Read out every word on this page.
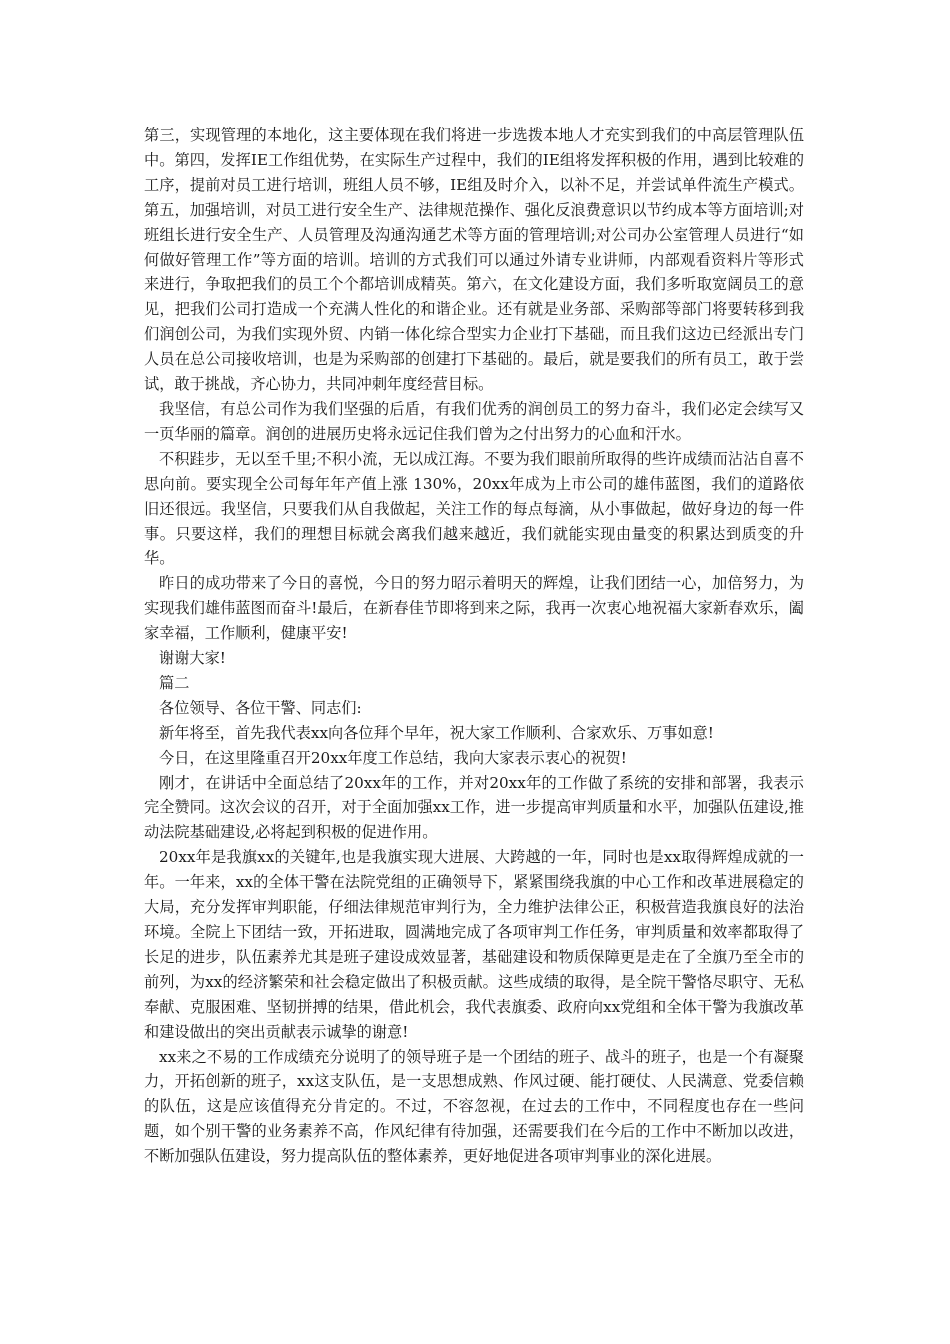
第三，实现管理的本地化，这主要体现在我们将进一步选拨本地人才充实到我们的中高层管理队伍中。第四，发挥IE工作组优势，在实际生产过程中，我们的IE组将发挥积极的作用，遇到比较难的工序，提前对员工进行培训，班组人员不够，IE组及时介入，以补不足，并尝试单件流生产模式。第五，加强培训，对员工进行安全生产、法律规范操作、强化反浪费意识以节约成本等方面培训;对班组长进行安全生产、人员管理及沟通沟通艺术等方面的管理培训;对公司办公室管理人员进行“如何做好管理工作”等方面的培训。培训的方式我们可以通过外请专业讲师，内部观看资料片等形式来进行，争取把我们的员工个个都培训成精英。第六，在文化建设方面，我们多听取宽阔员工的意见，把我们公司打造成一个充满人性化的和谐企业。还有就是业务部、采购部等部门将要转移到我们润创公司，为我们实现外贸、内销一体化综合型实力企业打下基础，而且我们这边已经派出专门人员在总公司接收培训，也是为采购部的创建打下基础的。最后，就是要我们的所有员工，敢于尝试，敢于挑战，齐心协力，共同冲刺年度经营目标。

我坚信，有总公司作为我们坚强的后盾，有我们优秀的润创员工的努力奋斗，我们必定会续写又一页华丽的篇章。润创的进展历史将永远记住我们曾为之付出努力的心血和汗水。

不积跬步，无以至千里;不积小流，无以成江海。不要为我们眼前所取得的些许成绩而沾沾自喜不思向前。要实现全公司每年年产值上涨 130%，20xx年成为上市公司的雄伟蓝图，我们的道路依旧还很远。我坚信，只要我们从自我做起，关注工作的每点每滴，从小事做起，做好身边的每一件事。只要这样，我们的理想目标就会离我们越来越近，我们就能实现由量变的积累达到质变的升华。

昨日的成功带来了今日的喜悦，今日的努力昭示着明天的辉煌，让我们团结一心，加倍努力，为实现我们雄伟蓝图而奋斗!最后，在新春佳节即将到来之际，我再一次衷心地祝福大家新春欢乐，阖家幸福，工作顺利，健康平安!

谢谢大家!

篇二

各位领导、各位干警、同志们:

新年将至，首先我代表xx向各位拜个早年，祝大家工作顺利、合家欢乐、万事如意!

今日，在这里隆重召开20xx年度工作总结，我向大家表示衷心的祝贺!

刚才，在讲话中全面总结了20xx年的工作，并对20xx年的工作做了系统的安排和部署，我表示完全赞同。这次会议的召开，对于全面加强xx工作，进一步提高审判质量和水平，加强队伍建设,推动法院基础建设,必将起到积极的促进作用。

20xx年是我旗xx的关键年,也是我旗实现大进展、大跨越的一年，同时也是xx取得辉煌成就的一年。一年来，xx的全体干警在法院党组的正确领导下，紧紧围绕我旗的中心工作和改革进展稳定的大局，充分发挥审判职能，仔细法律规范审判行为，全力维护法律公正，积极营造我旗良好的法治环境。全院上下团结一致，开拓进取，圆满地完成了各项审判工作任务，审判质量和效率都取得了长足的进步，队伍素养尤其是班子建设成效显著，基础建设和物质保障更是走在了全旗乃至全市的前列，为xx的经济繁荣和社会稳定做出了积极贡献。这些成绩的取得，是全院干警恪尽职守、无私奉献、克服困难、坚韧拼搏的结果，借此机会，我代表旗委、政府向xx党组和全体干警为我旗改革和建设做出的突出贡献表示诚挚的谢意!

xx来之不易的工作成绩充分说明了的领导班子是一个团结的班子、战斗的班子，也是一个有凝聚力，开拓创新的班子，xx这支队伍，是一支思想成熟、作风过硬、能打硬仗、人民满意、党委信赖的队伍，这是应该值得充分肯定的。不过，不容忽视，在过去的工作中，不同程度也存在一些问题，如个别干警的业务素养不高，作风纪律有待加强，还需要我们在今后的工作中不断加以改进，不断加强队伍建设，努力提高队伍的整体素养，更好地促进各项审判事业的深化进展。
